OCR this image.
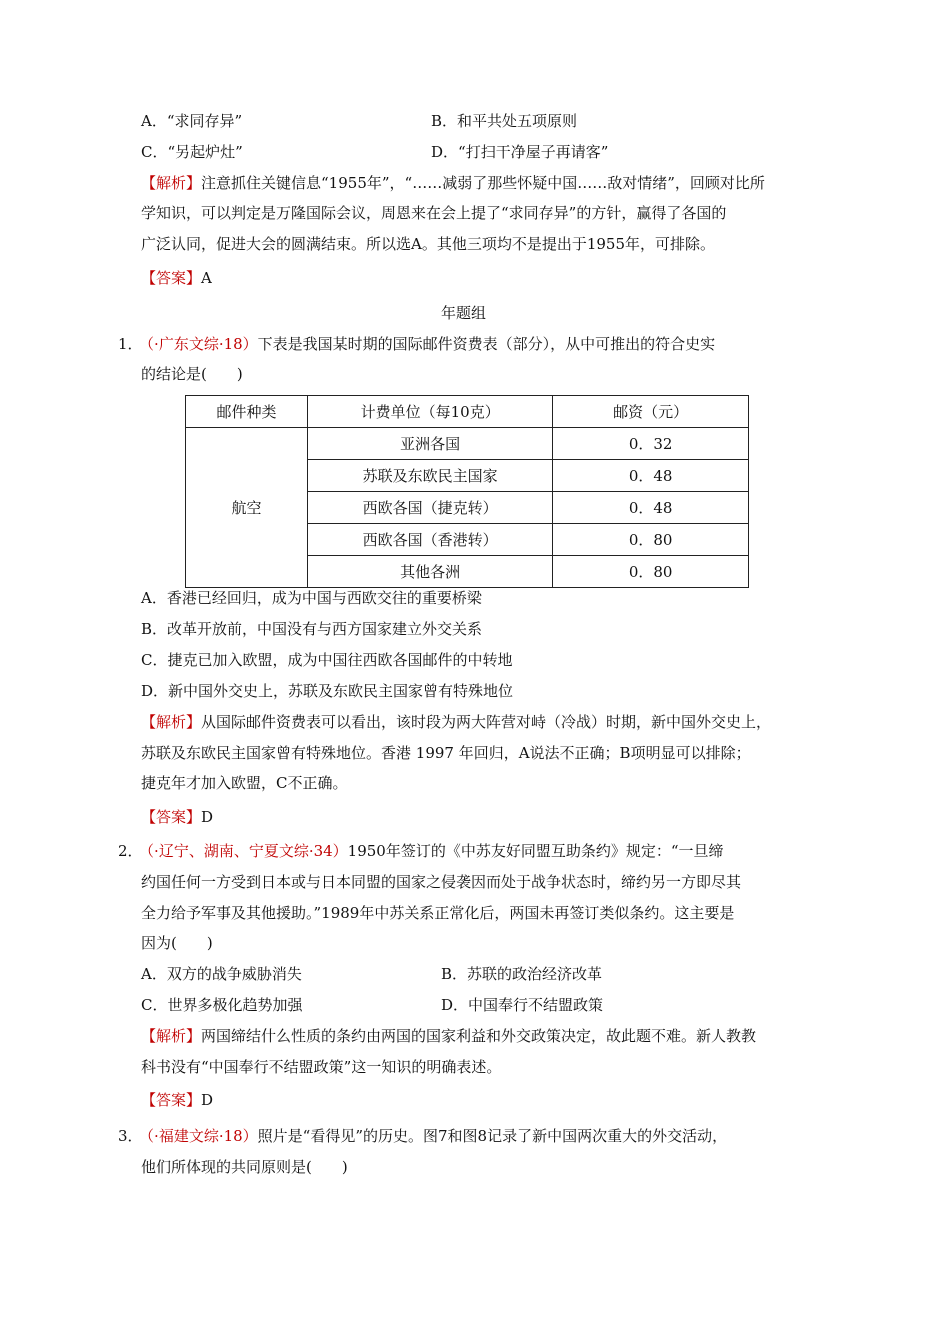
A．“求同存异”	B．和平共处五项原则
C．“另起炉灶”	D．“打扫干净屋子再请客”
【解析】注意抓住关键信息“1955年”，“……减弱了那些怀疑中国……敌对情绪”，回顾对比所
学知识，可以判定是万隆国际会议，周恩来在会上提了“求同存异”的方针，赢得了各国的
广泛认同，促进大会的圆满结束。所以选A。其他三项均不是提出于1955年，可排除。
【答案】A
年题组
1． （·广东文综·18）下表是我国某时期的国际邮件资费表（部分），从中可推出的符合史实
的结论是(　　)
邮件种类	计费单位（每10克）	邮资（元）
航空	亚洲各国	0．32
	苏联及东欧民主国家	0．48
	西欧各国（捷克转）	0．48
	西欧各国（香港转）	0．80
	其他各洲	0．80
A．香港已经回归，成为中国与西欧交往的重要桥梁
B．改革开放前，中国没有与西方国家建立外交关系
C．捷克已加入欧盟，成为中国往西欧各国邮件的中转地
D．新中国外交史上，苏联及东欧民主国家曾有特殊地位
【解析】从国际邮件资费表可以看出，该时段为两大阵营对峙（冷战）时期，新中国外交史上，
苏联及东欧民主国家曾有特殊地位。香港 1997 年回归，A说法不正确；B项明显可以排除；
捷克年才加入欧盟，C不正确。
【答案】D
2． （·辽宁、湖南、宁夏文综·34）1950年签订的《中苏友好同盟互助条约》规定：“一旦缔
约国任何一方受到日本或与日本同盟的国家之侵袭因而处于战争状态时，缔约另一方即尽其
全力给予军事及其他援助。”1989年中苏关系正常化后，两国未再签订类似条约。这主要是
因为(　　)
A．双方的战争威胁消失	B．苏联的政治经济改革
C．世界多极化趋势加强	D．中国奉行不结盟政策
【解析】两国缔结什么性质的条约由两国的国家利益和外交政策决定，故此题不难。新人教教
科书没有“中国奉行不结盟政策”这一知识的明确表述。
【答案】D
3． （·福建文综·18）照片是“看得见”的历史。图7和图8记录了新中国两次重大的外交活动，
他们所体现的共同原则是(　　)
